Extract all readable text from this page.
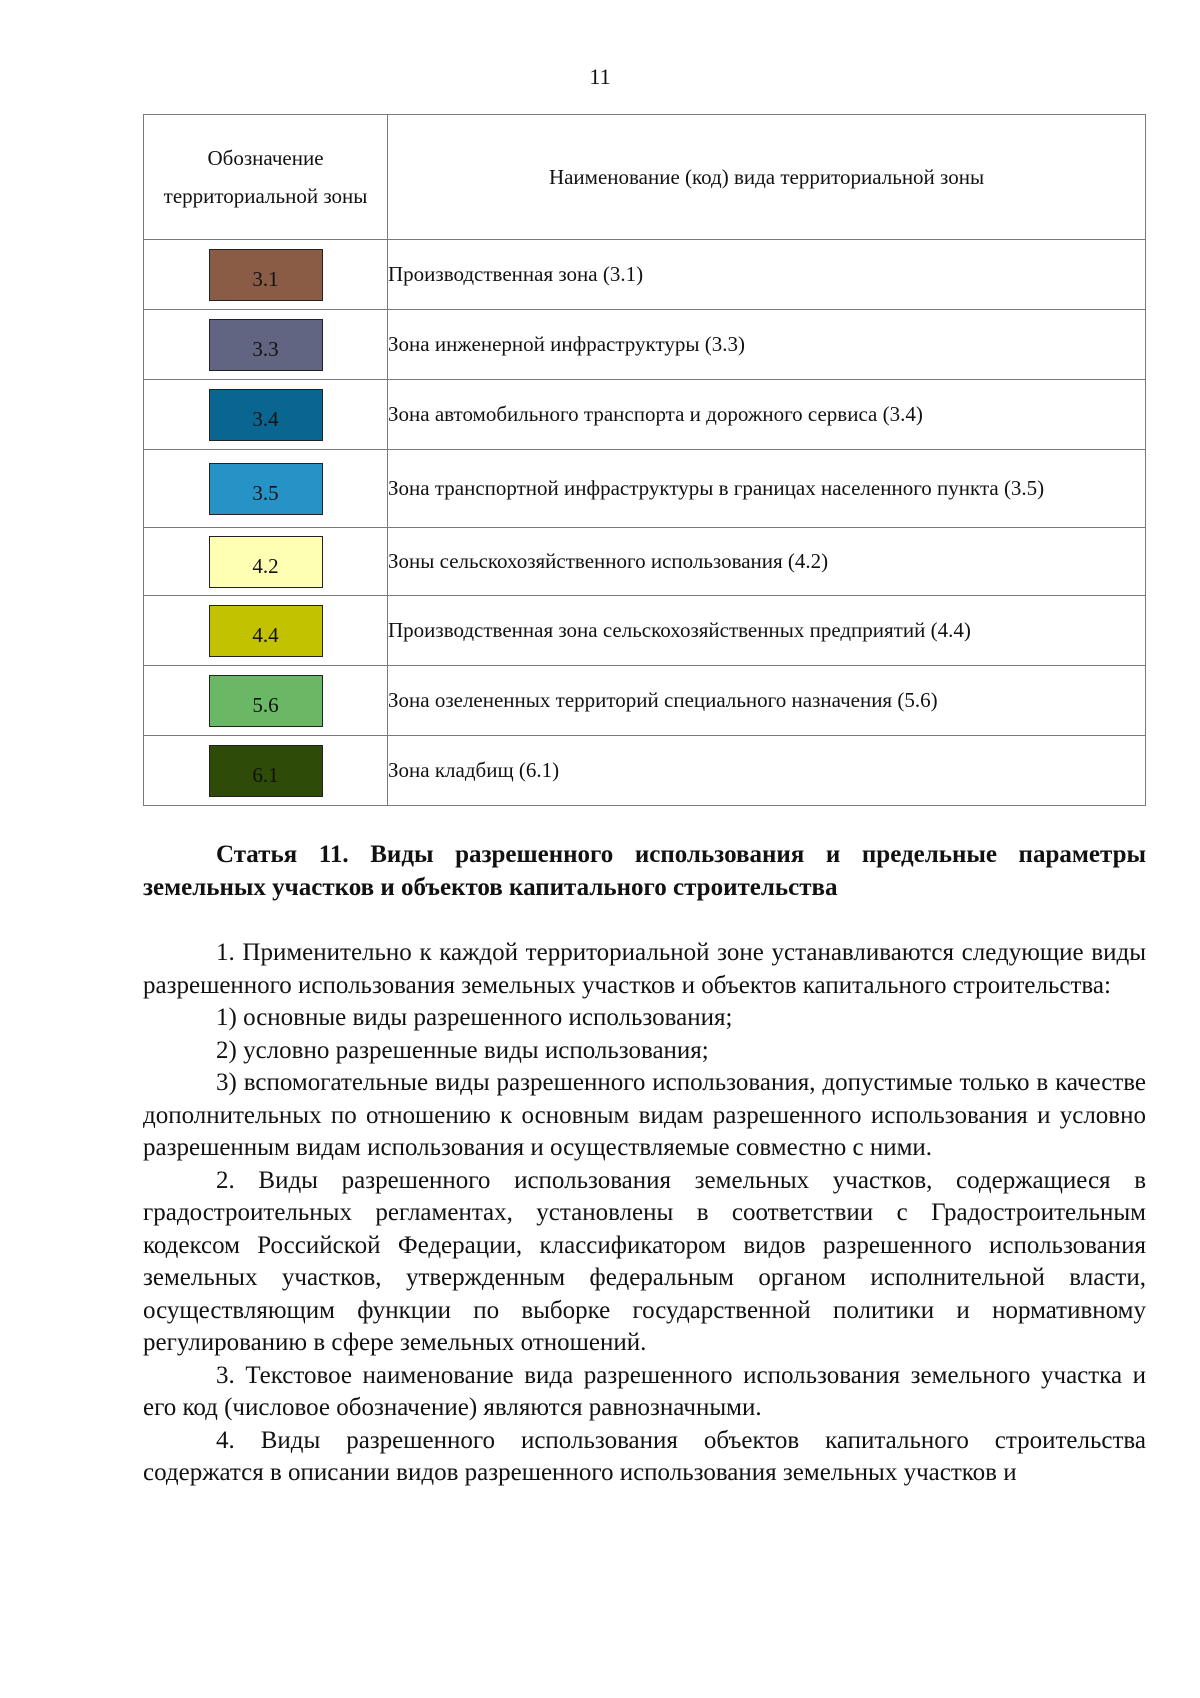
11
Обозначение территориальной зоны	Наименование (код) вида территориальной зоны

3.1	Производственная зона (3.1)

3.3	Зона инженерной инфраструктуры (3.3)

3.4	Зона автомобильного транспорта и дорожного сервиса (3.4)

3.5	Зона транспортной инфраструктуры в границах населенного пункта (3.5)

4.2	Зоны сельскохозяйственного использования (4.2)

4.4	Производственная зона сельскохозяйственных предприятий (4.4)

5.6	Зона озелененных территорий специального назначения (5.6)

6.1	Зона кладбищ (6.1)

Статья 11. Виды разрешенного использования и предельные параметры земельных участков и объектов капитального строительства

1. Применительно к каждой территориальной зоне устанавливаются следующие виды разрешенного использования земельных участков и объектов капитального строительства:

1) основные виды разрешенного использования;

2) условно разрешенные виды использования;

3) вспомогательные виды разрешенного использования, допустимые только в качестве дополнительных по отношению к основным видам разрешенного использования и условно разрешенным видам использования и осуществляемые совместно с ними.

2. Виды разрешенного использования земельных участков, содержащиеся в градостроительных регламентах, установлены в соответствии с Градостроительным кодексом Российской Федерации, классификатором видов разрешенного использования земельных участков, утвержденным федеральным органом исполнительной власти, осуществляющим функции по выборке государственной политики и нормативному регулированию в сфере земельных отношений.

3. Текстовое наименование вида разрешенного использования земельного участка и его код (числовое обозначение) являются равнозначными.

4. Виды разрешенного использования объектов капитального строительства содержатся в описании видов разрешенного использования земельных участков и
